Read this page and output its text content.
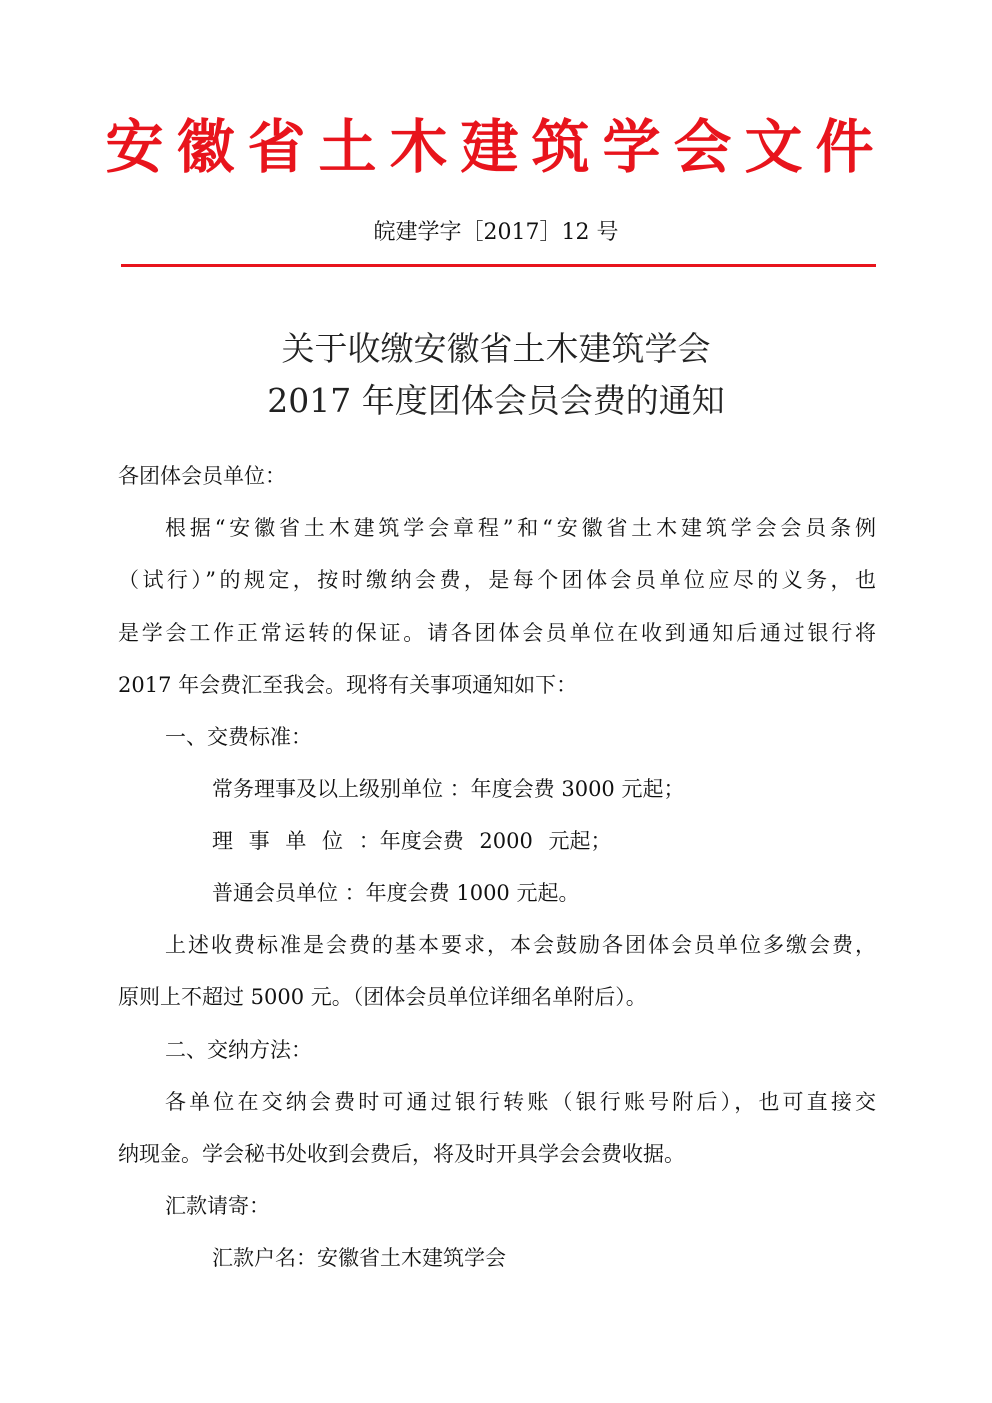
安徽省土木建筑学会文件
皖建学字［2017］12 号
关于收缴安徽省土木建筑学会
2017 年度团体会员会费的通知
各团体会员单位：
根据“安徽省土木建筑学会章程”和“安徽省土木建筑学会会员条例
（试行）”的规定，按时缴纳会费，是每个团体会员单位应尽的义务，也
是学会工作正常运转的保证。请各团体会员单位在收到通知后通过银行将
2017 年会费汇至我会。现将有关事项通知如下：
一、交费标准：
常务理事及以上级别单位 ：年度会费 3000 元起；
理 事 单 位 ：年度会费 2000 元起；
普通会员单位 ：年度会费 1000 元起。
上述收费标准是会费的基本要求，本会鼓励各团体会员单位多缴会费，
原则上不超过 5000 元。（团体会员单位详细名单附后）。
二、交纳方法：
各单位在交纳会费时可通过银行转账（银行账号附后），也可直接交
纳现金。学会秘书处收到会费后，将及时开具学会会费收据。
汇款请寄：
汇款户名：安徽省土木建筑学会
